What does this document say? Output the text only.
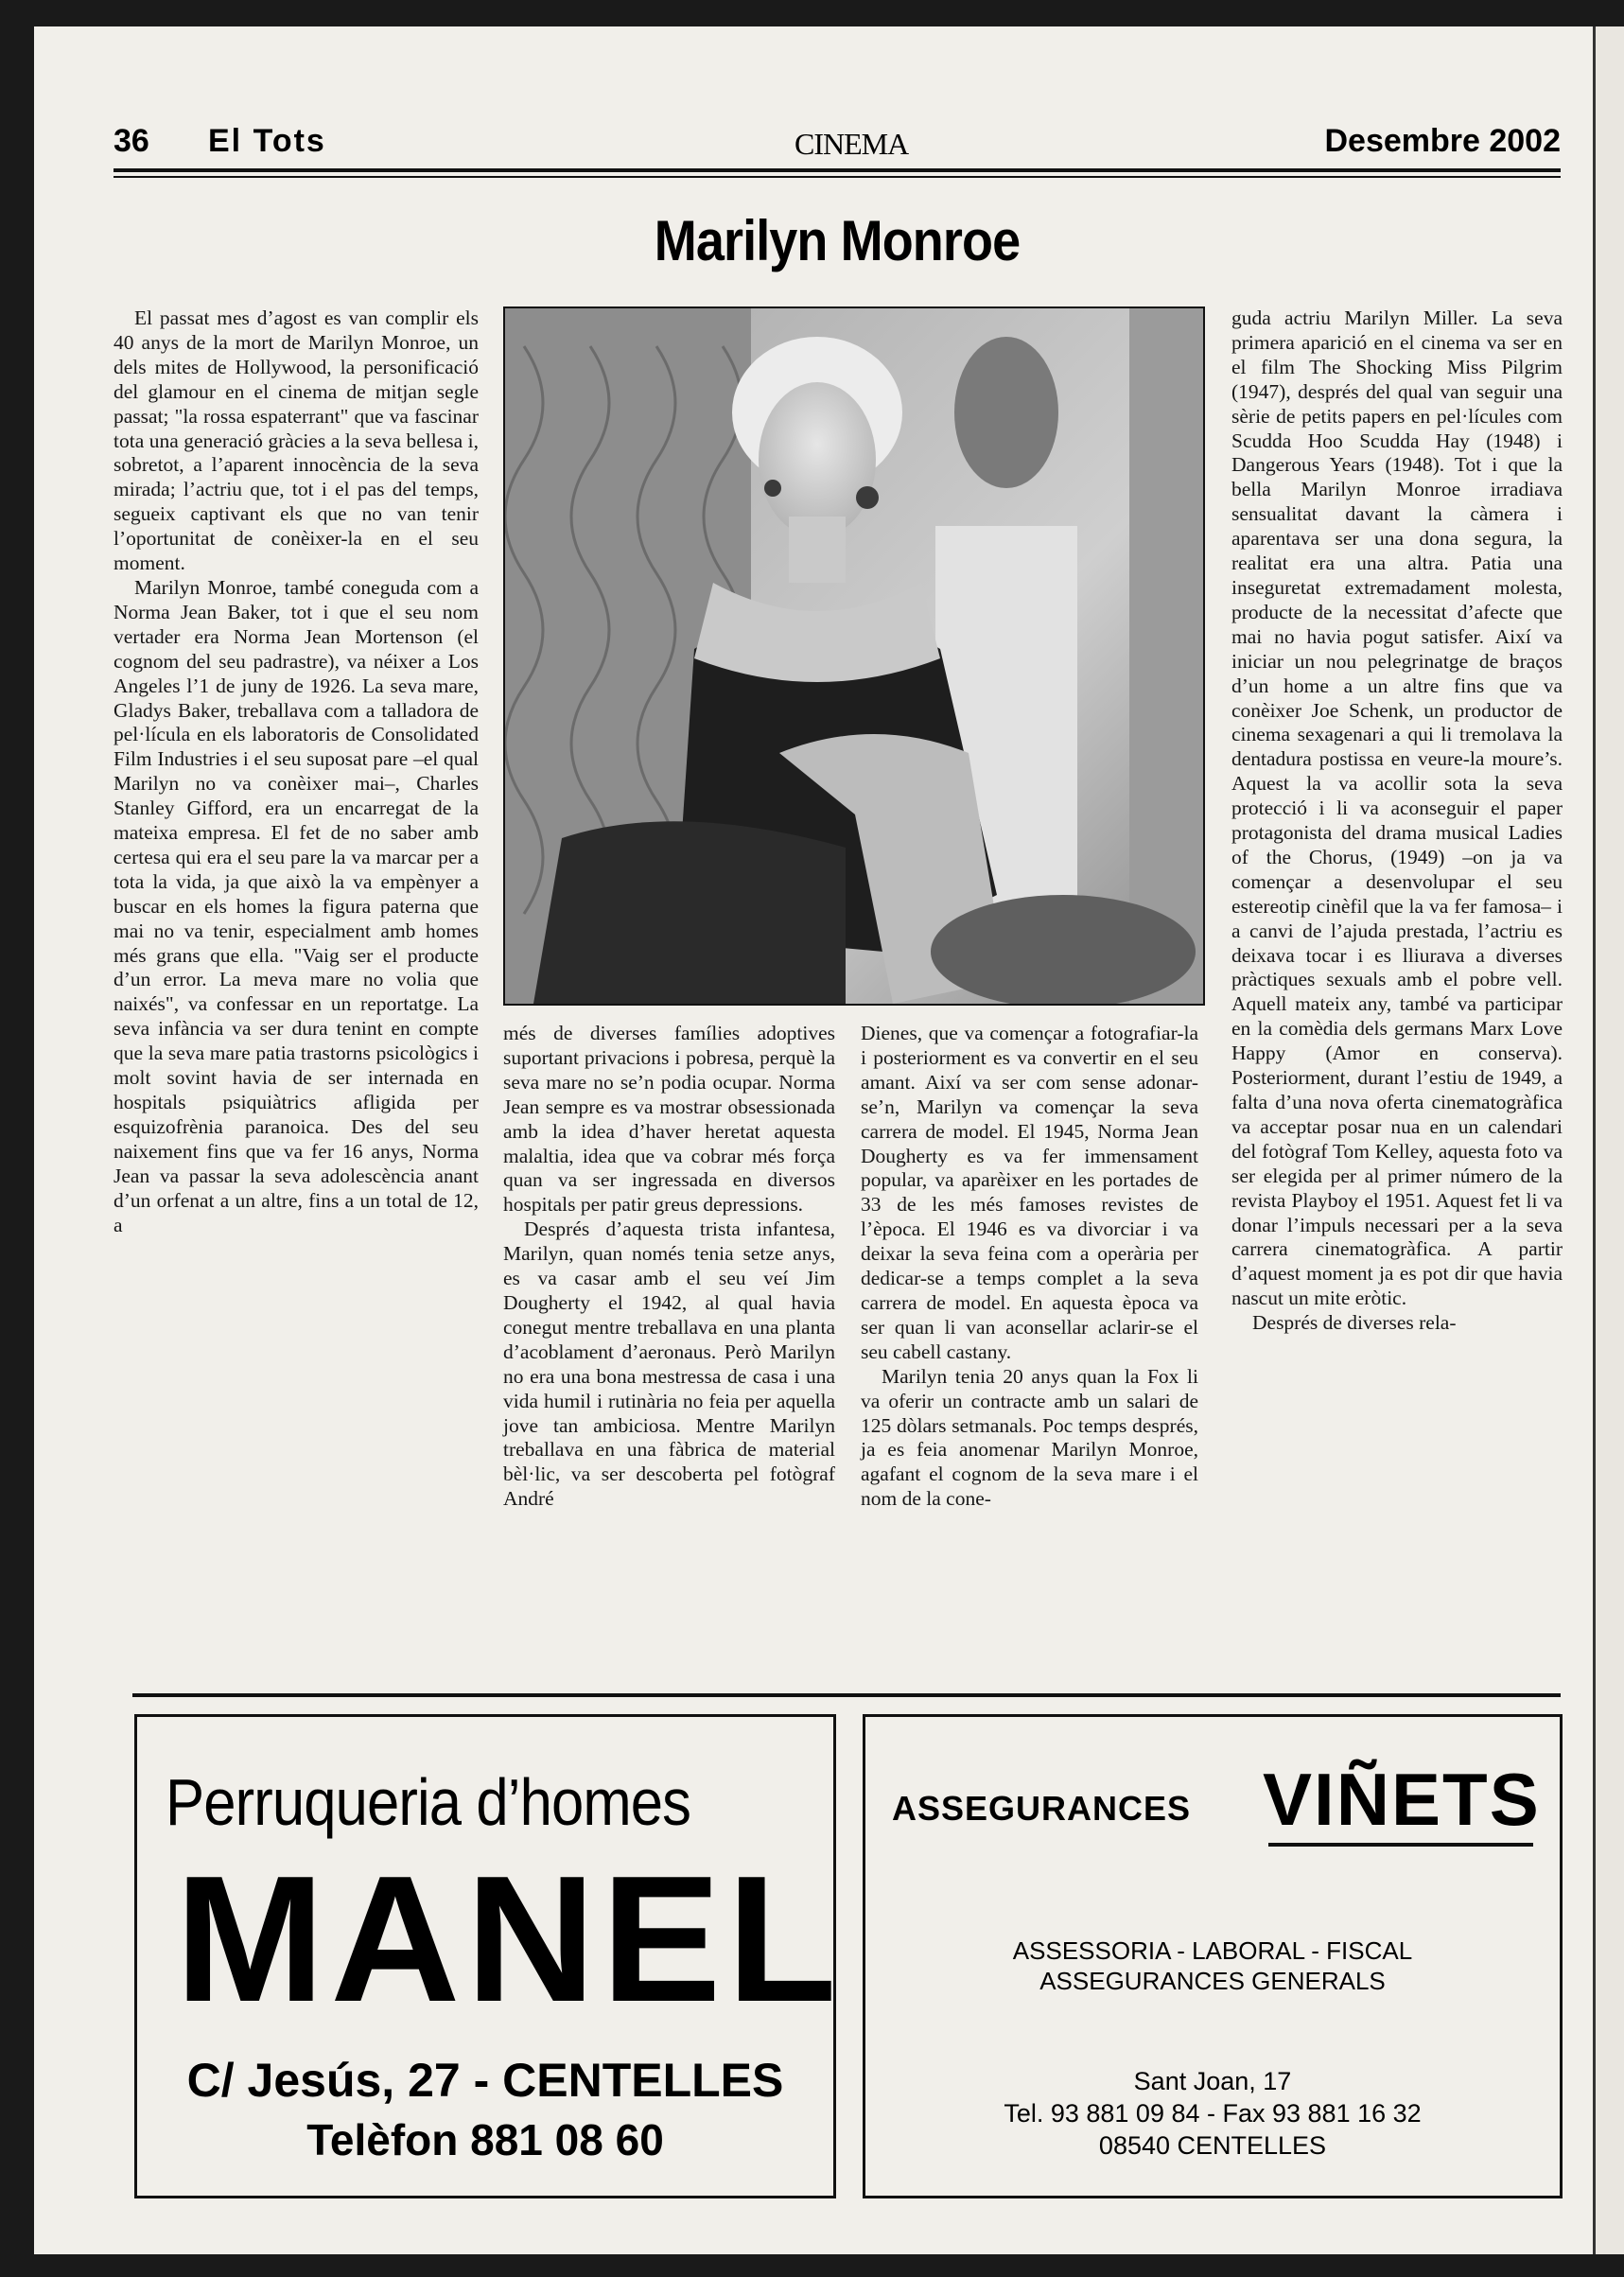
36 El Tots	CINEMA	Desembre 2002
Marilyn Monroe

El passat mes d’agost es van complir els 40 anys de la mort de Marilyn Monroe, un dels mites de Hollywood, la personificació del glamour en el cinema de mitjan segle passat; "la rossa espaterrant" que va fascinar tota una generació gràcies a la seva bellesa i, sobretot, a l’aparent innocència de la seva mirada; l’actriu que, tot i el pas del temps, segueix captivant els que no van tenir l’oportunitat de conèixer-la en el seu moment.

Marilyn Monroe, també coneguda com a Norma Jean Baker, tot i que el seu nom vertader era Norma Jean Mortenson (el cognom del seu padrastre), va néixer a Los Angeles l’1 de juny de 1926. La seva mare, Gladys Baker, treballava com a talladora de pel·lícula en els laboratoris de Consolidated Film Industries i el seu suposat pare –el qual Marilyn no va conèixer mai–, Charles Stanley Gifford, era un encarregat de la mateixa empresa. El fet de no saber amb certesa qui era el seu pare la va marcar per a tota la vida, ja que això la va empènyer a buscar en els homes la figura paterna que mai no va tenir, especialment amb homes més grans que ella. "Vaig ser el producte d’un error. La meva mare no volia que naixés", va confessar en un reportatge. La seva infància va ser dura tenint en compte que la seva mare patia trastorns psicològics i molt sovint havia de ser internada en hospitals psiquiàtrics afligida per esquizofrènia paranoica. Des del seu naixement fins que va fer 16 anys, Norma Jean va passar la seva adolescència anant d’un orfenat a un altre, fins a un total de 12, a

més de diverses famílies adoptives suportant privacions i pobresa, perquè la seva mare no se’n podia ocupar. Norma Jean sempre es va mostrar obsessionada amb la idea d’haver heretat aquesta malaltia, idea que va cobrar més força quan va ser ingressada en diversos hospitals per patir greus depressions.

Després d’aquesta trista infantesa, Marilyn, quan només tenia setze anys, es va casar amb el seu veí Jim Dougherty el 1942, al qual havia conegut mentre treballava en una planta d’acoblament d’aeronaus. Però Marilyn no era una bona mestressa de casa i una vida humil i rutinària no feia per aquella jove tan ambiciosa. Mentre Marilyn treballava en una fàbrica de material bèl·lic, va ser descoberta pel fotògraf André

Dienes, que va començar a fotografiar-la i posteriorment es va convertir en el seu amant. Així va ser com sense adonar-se’n, Marilyn va començar la seva carrera de model. El 1945, Norma Jean Dougherty es va fer immensament popular, va aparèixer en les portades de 33 de les més famoses revistes de l’època. El 1946 es va divorciar i va deixar la seva feina com a operària per dedicar-se a temps complet a la seva carrera de model. En aquesta època va ser quan li van aconsellar aclarir-se el seu cabell castany.

Marilyn tenia 20 anys quan la Fox li va oferir un contracte amb un salari de 125 dòlars setmanals. Poc temps després, ja es feia anomenar Marilyn Monroe, agafant el cognom de la seva mare i el nom de la cone-

guda actriu Marilyn Miller. La seva primera aparició en el cinema va ser en el film The Shocking Miss Pilgrim (1947), després del qual van seguir una sèrie de petits papers en pel·lícules com Scudda Hoo Scudda Hay (1948) i Dangerous Years (1948). Tot i que la bella Marilyn Monroe irradiava sensualitat davant la càmera i aparentava ser una dona segura, la realitat era una altra. Patia una inseguretat extremadament molesta, producte de la necessitat d’afecte que mai no havia pogut satisfer. Així va iniciar un nou pelegrinatge de braços d’un home a un altre fins que va conèixer Joe Schenk, un productor de cinema sexagenari a qui li tremolava la dentadura postissa en veure-la moure’s. Aquest la va acollir sota la seva protecció i li va aconseguir el paper protagonista del drama musical Ladies of the Chorus, (1949) –on ja va començar a desenvolupar el seu estereotip cinèfil que la va fer famosa– i a canvi de l’ajuda prestada, l’actriu es deixava tocar i es lliurava a diverses pràctiques sexuals amb el pobre vell. Aquell mateix any, també va participar en la comèdia dels germans Marx Love Happy (Amor en conserva). Posteriorment, durant l’estiu de 1949, a falta d’una nova oferta cinematogràfica va acceptar posar nua en un calendari del fotògraf Tom Kelley, aquesta foto va ser elegida per al primer número de la revista Playboy el 1951. Aquest fet li va donar l’impuls necessari per a la seva carrera cinematogràfica. A partir d’aquest moment ja es pot dir que havia nascut un mite eròtic.

Després de diverses rela-

Perruqueria d’homes
MANEL
C/ Jesús, 27 - CENTELLES
Telèfon 881 08 60
ASSEGURANCES VIÑETS
ASSESSORIA - LABORAL - FISCAL
ASSEGURANCES GENERALS
Sant Joan, 17
Tel. 93 881 09 84 - Fax 93 881 16 32
08540 CENTELLES
